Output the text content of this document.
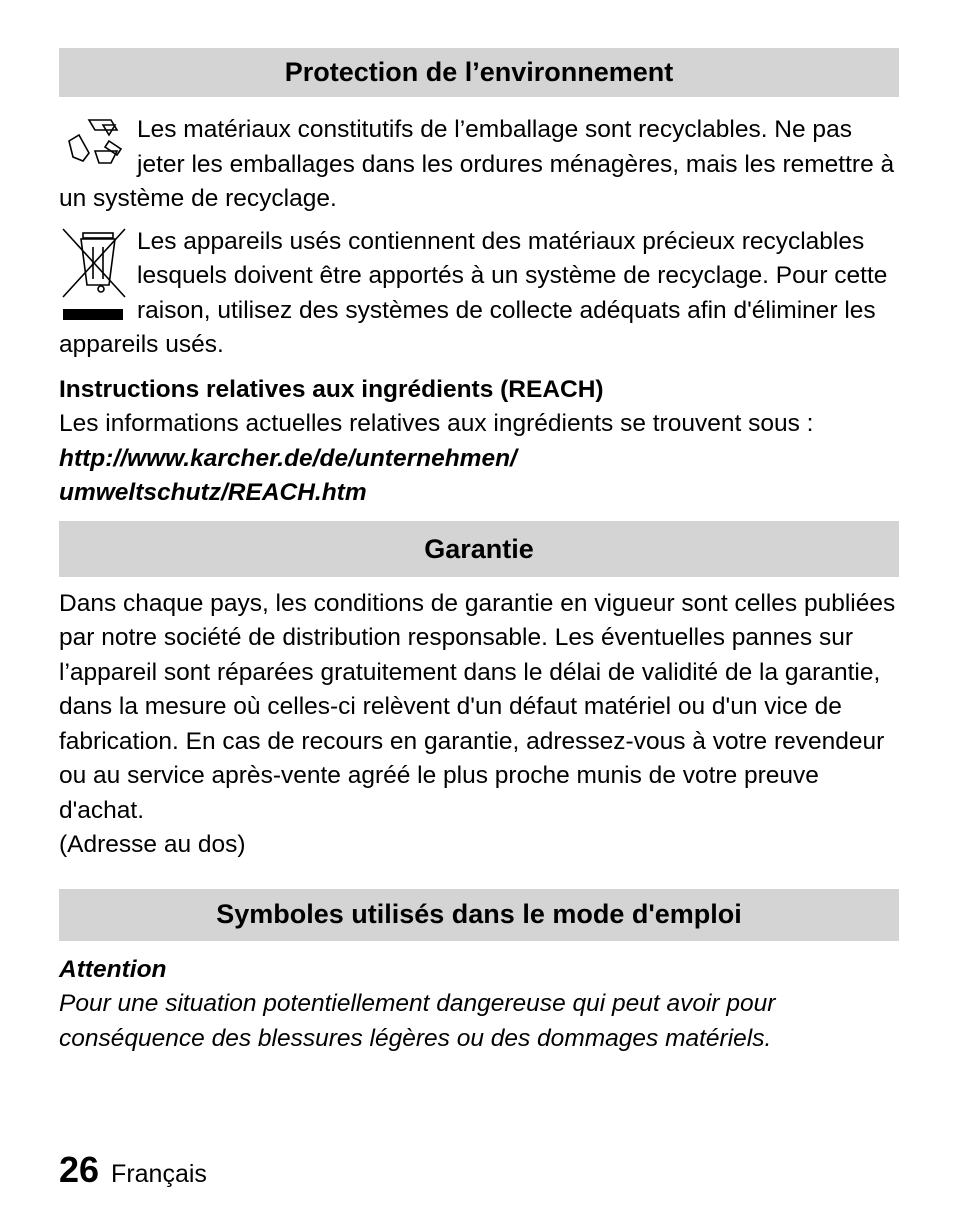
Protection de l’environnement

Les matériaux constitutifs de l’emballage sont recyclables. Ne pas jeter les emballages dans les ordures ménagères, mais les remettre à un système de recyclage.

Les appareils usés contiennent des matériaux précieux recyclables lesquels doivent être apportés à un système de recyclage. Pour cette raison, utilisez des systèmes de collecte adéquats afin d'éliminer les appareils usés.

Instructions relatives aux ingrédients (REACH)

Les informations actuelles relatives aux ingrédients se trouvent sous :

http://www.karcher.de/de/unternehmen/

umweltschutz/REACH.htm

Garantie

Dans chaque pays, les conditions de garantie en vigueur sont celles publiées par notre société de distribution responsable. Les éventuelles pannes sur l’appareil sont réparées gratuitement dans le délai de validité de la garantie, dans la mesure où celles-ci relèvent d'un défaut matériel ou d'un vice de fabrication. En cas de recours en garantie, adressez-vous à votre revendeur ou au service après-vente agréé le plus proche munis de votre preuve d'achat.

(Adresse au dos)

Symboles utilisés dans le mode d'emploi

Attention

Pour une situation potentiellement dangereuse qui peut avoir pour conséquence des blessures légères ou des dommages matériels.

26 Français
